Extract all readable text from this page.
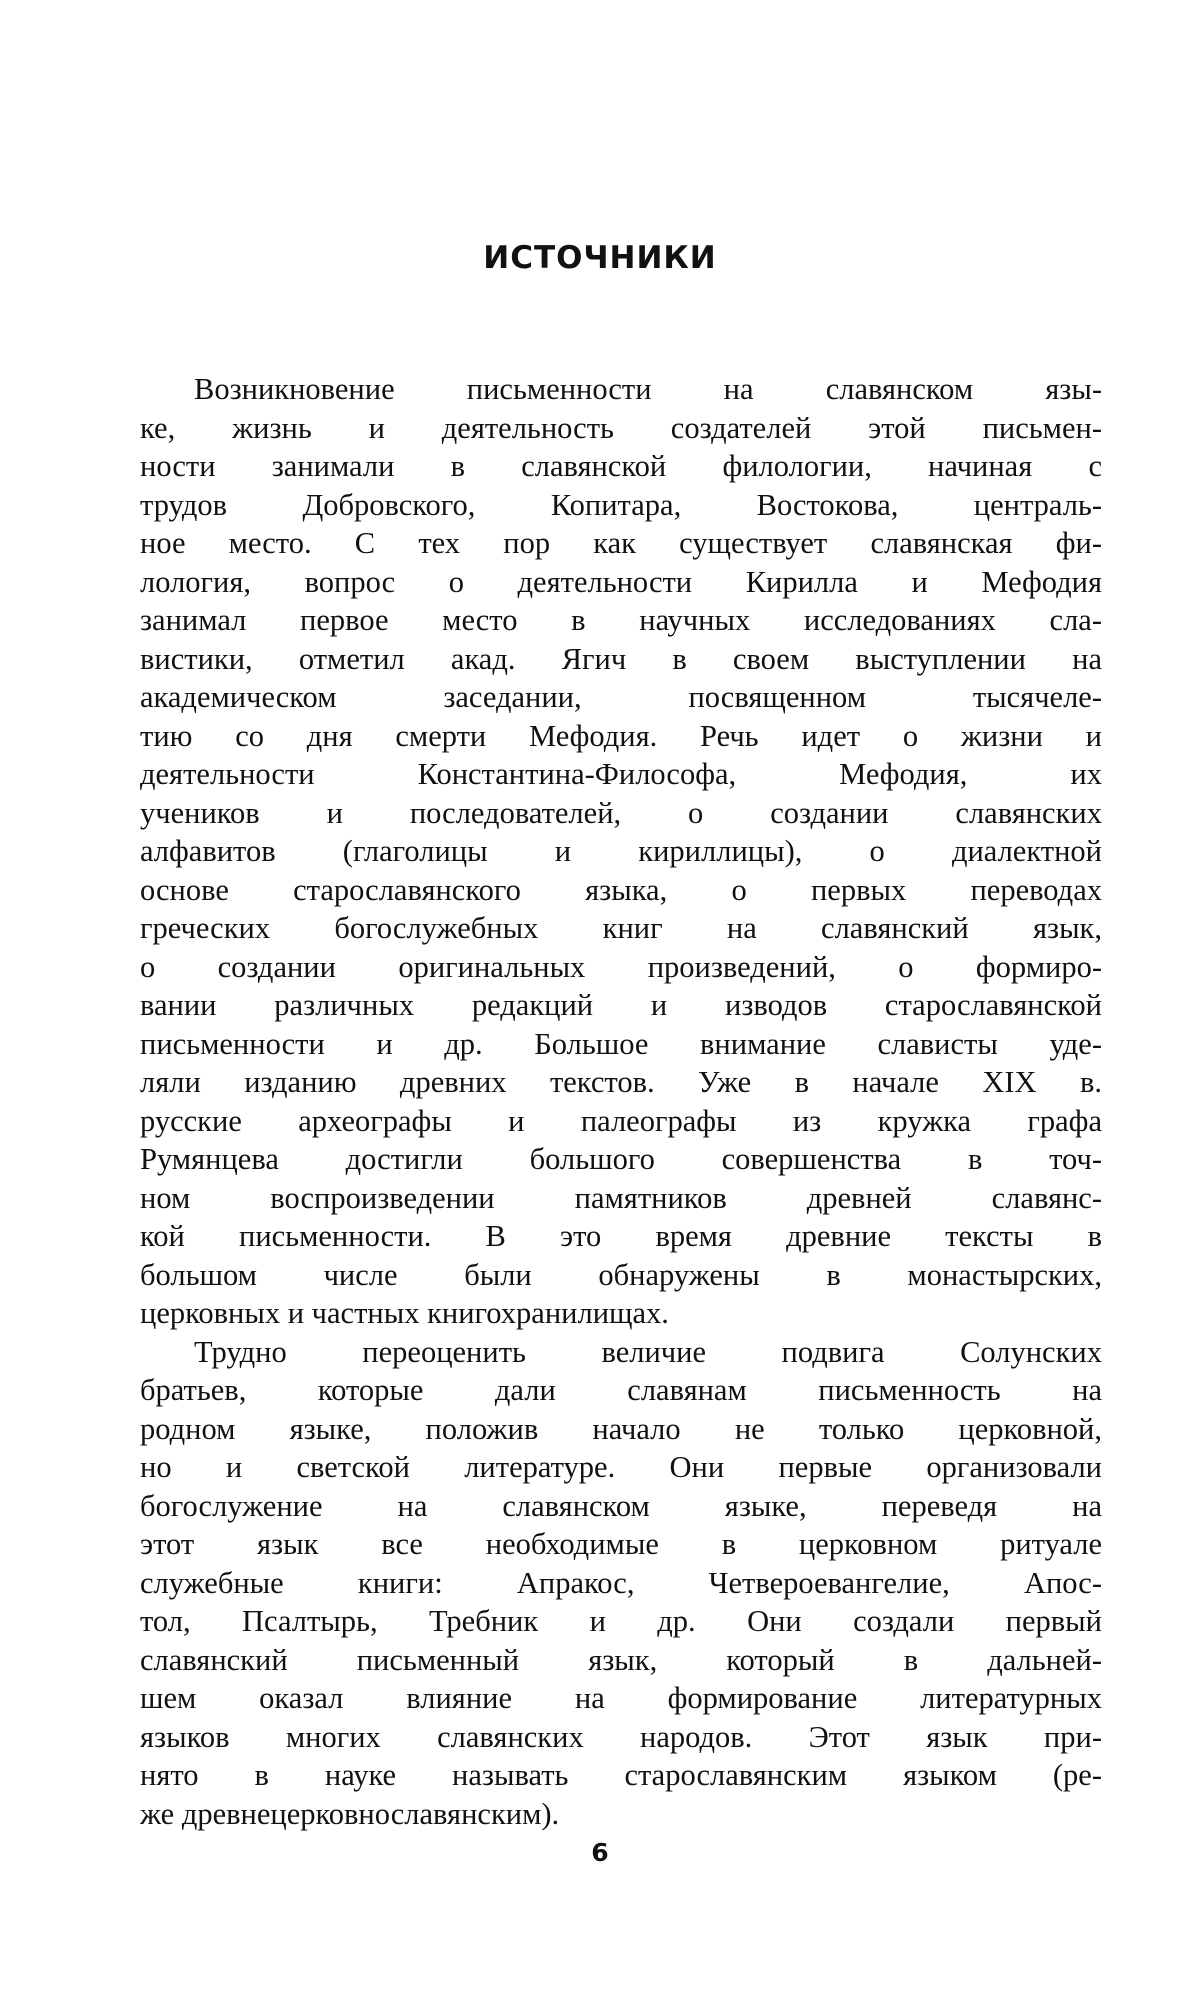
ИСТОЧНИКИ
Возникновение письменности на славянском язы-
ке, жизнь и деятельность создателей этой письмен-
ности занимали в славянской филологии, начиная с
трудов Добровского, Копитара, Востокова, централь-
ное место. С тех пор как существует славянская фи-
лология, вопрос о деятельности Кирилла и Мефодия
занимал первое место в научных исследованиях сла-
вистики, отметил акад. Ягич в своем выступлении на
академическом заседании, посвященном тысячеле-
тию со дня смерти Мефодия. Речь идет о жизни и
деятельности Константина-Философа, Мефодия, их
учеников и последователей, о создании славянских
алфавитов (глаголицы и кириллицы), о диалектной
основе старославянского языка, о первых переводах
греческих богослужебных книг на славянский язык,
о создании оригинальных произведений, о формиро-
вании различных редакций и изводов старославянской
письменности и др. Большое внимание слависты уде-
ляли изданию древних текстов. Уже в начале XIX в.
русские археографы и палеографы из кружка графа
Румянцева достигли большого совершенства в точ-
ном воспроизведении памятников древней славянс-
кой письменности. В это время древние тексты в
большом числе были обнаружены в монастырских,
церковных и частных книгохранилищах.
Трудно переоценить величие подвига Солунских
братьев, которые дали славянам письменность на
родном языке, положив начало не только церковной,
но и светской литературе. Они первые организовали
богослужение на славянском языке, переведя на
этот язык все необходимые в церковном ритуале
служебные книги: Апракос, Четвероевангелие, Апос-
тол, Псалтырь, Требник и др. Они создали первый
славянский письменный язык, который в дальней-
шем оказал влияние на формирование литературных
языков многих славянских народов. Этот язык при-
нято в науке называть старославянским языком (ре-
же древнецерковнославянским).
6
